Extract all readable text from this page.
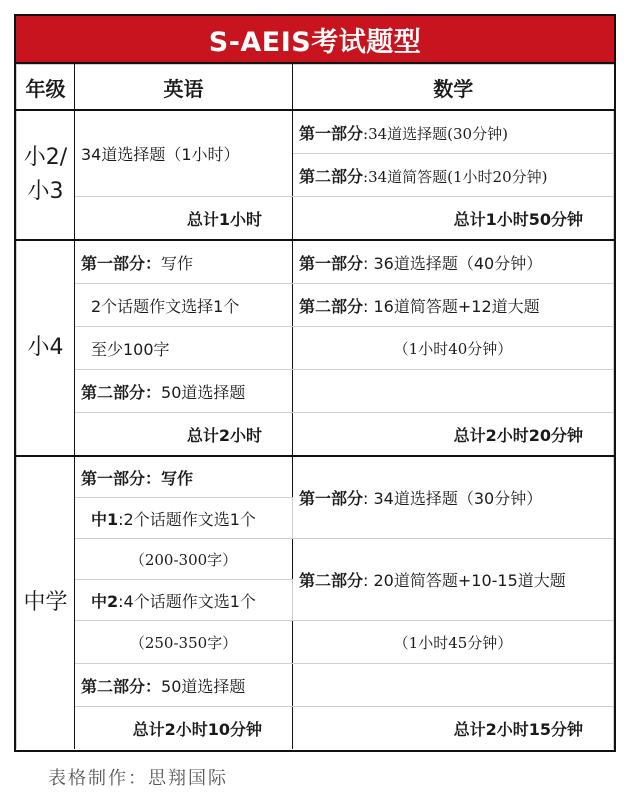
S-AEIS考试题型
年级	英语	数学
小2/
小3	34道选择题（1小时）	第一部分:34道选择题(30分钟)
		第二部分:34道简答题(1小时20分钟)
	总计1小时	总计1小时50分钟
小4	第一部分：写作	第一部分: 36道选择题（40分钟）
	2个话题作文选择1个	第二部分: 16道简答题+12道大题
	至少100字	（1小时40分钟）
	第二部分：50道选择题	
	总计2小时	总计2小时20分钟
中学	第一部分：写作	第一部分: 34道选择题（30分钟）
	中1:2个话题作文选1个	
	（200-300字）	第二部分: 20道简答题+10-15道大题
	中2:4个话题作文选1个	
	（250-350字）	（1小时45分钟）
	第二部分：50道选择题	
	总计2小时10分钟	总计2小时15分钟
表格制作：思翔国际
